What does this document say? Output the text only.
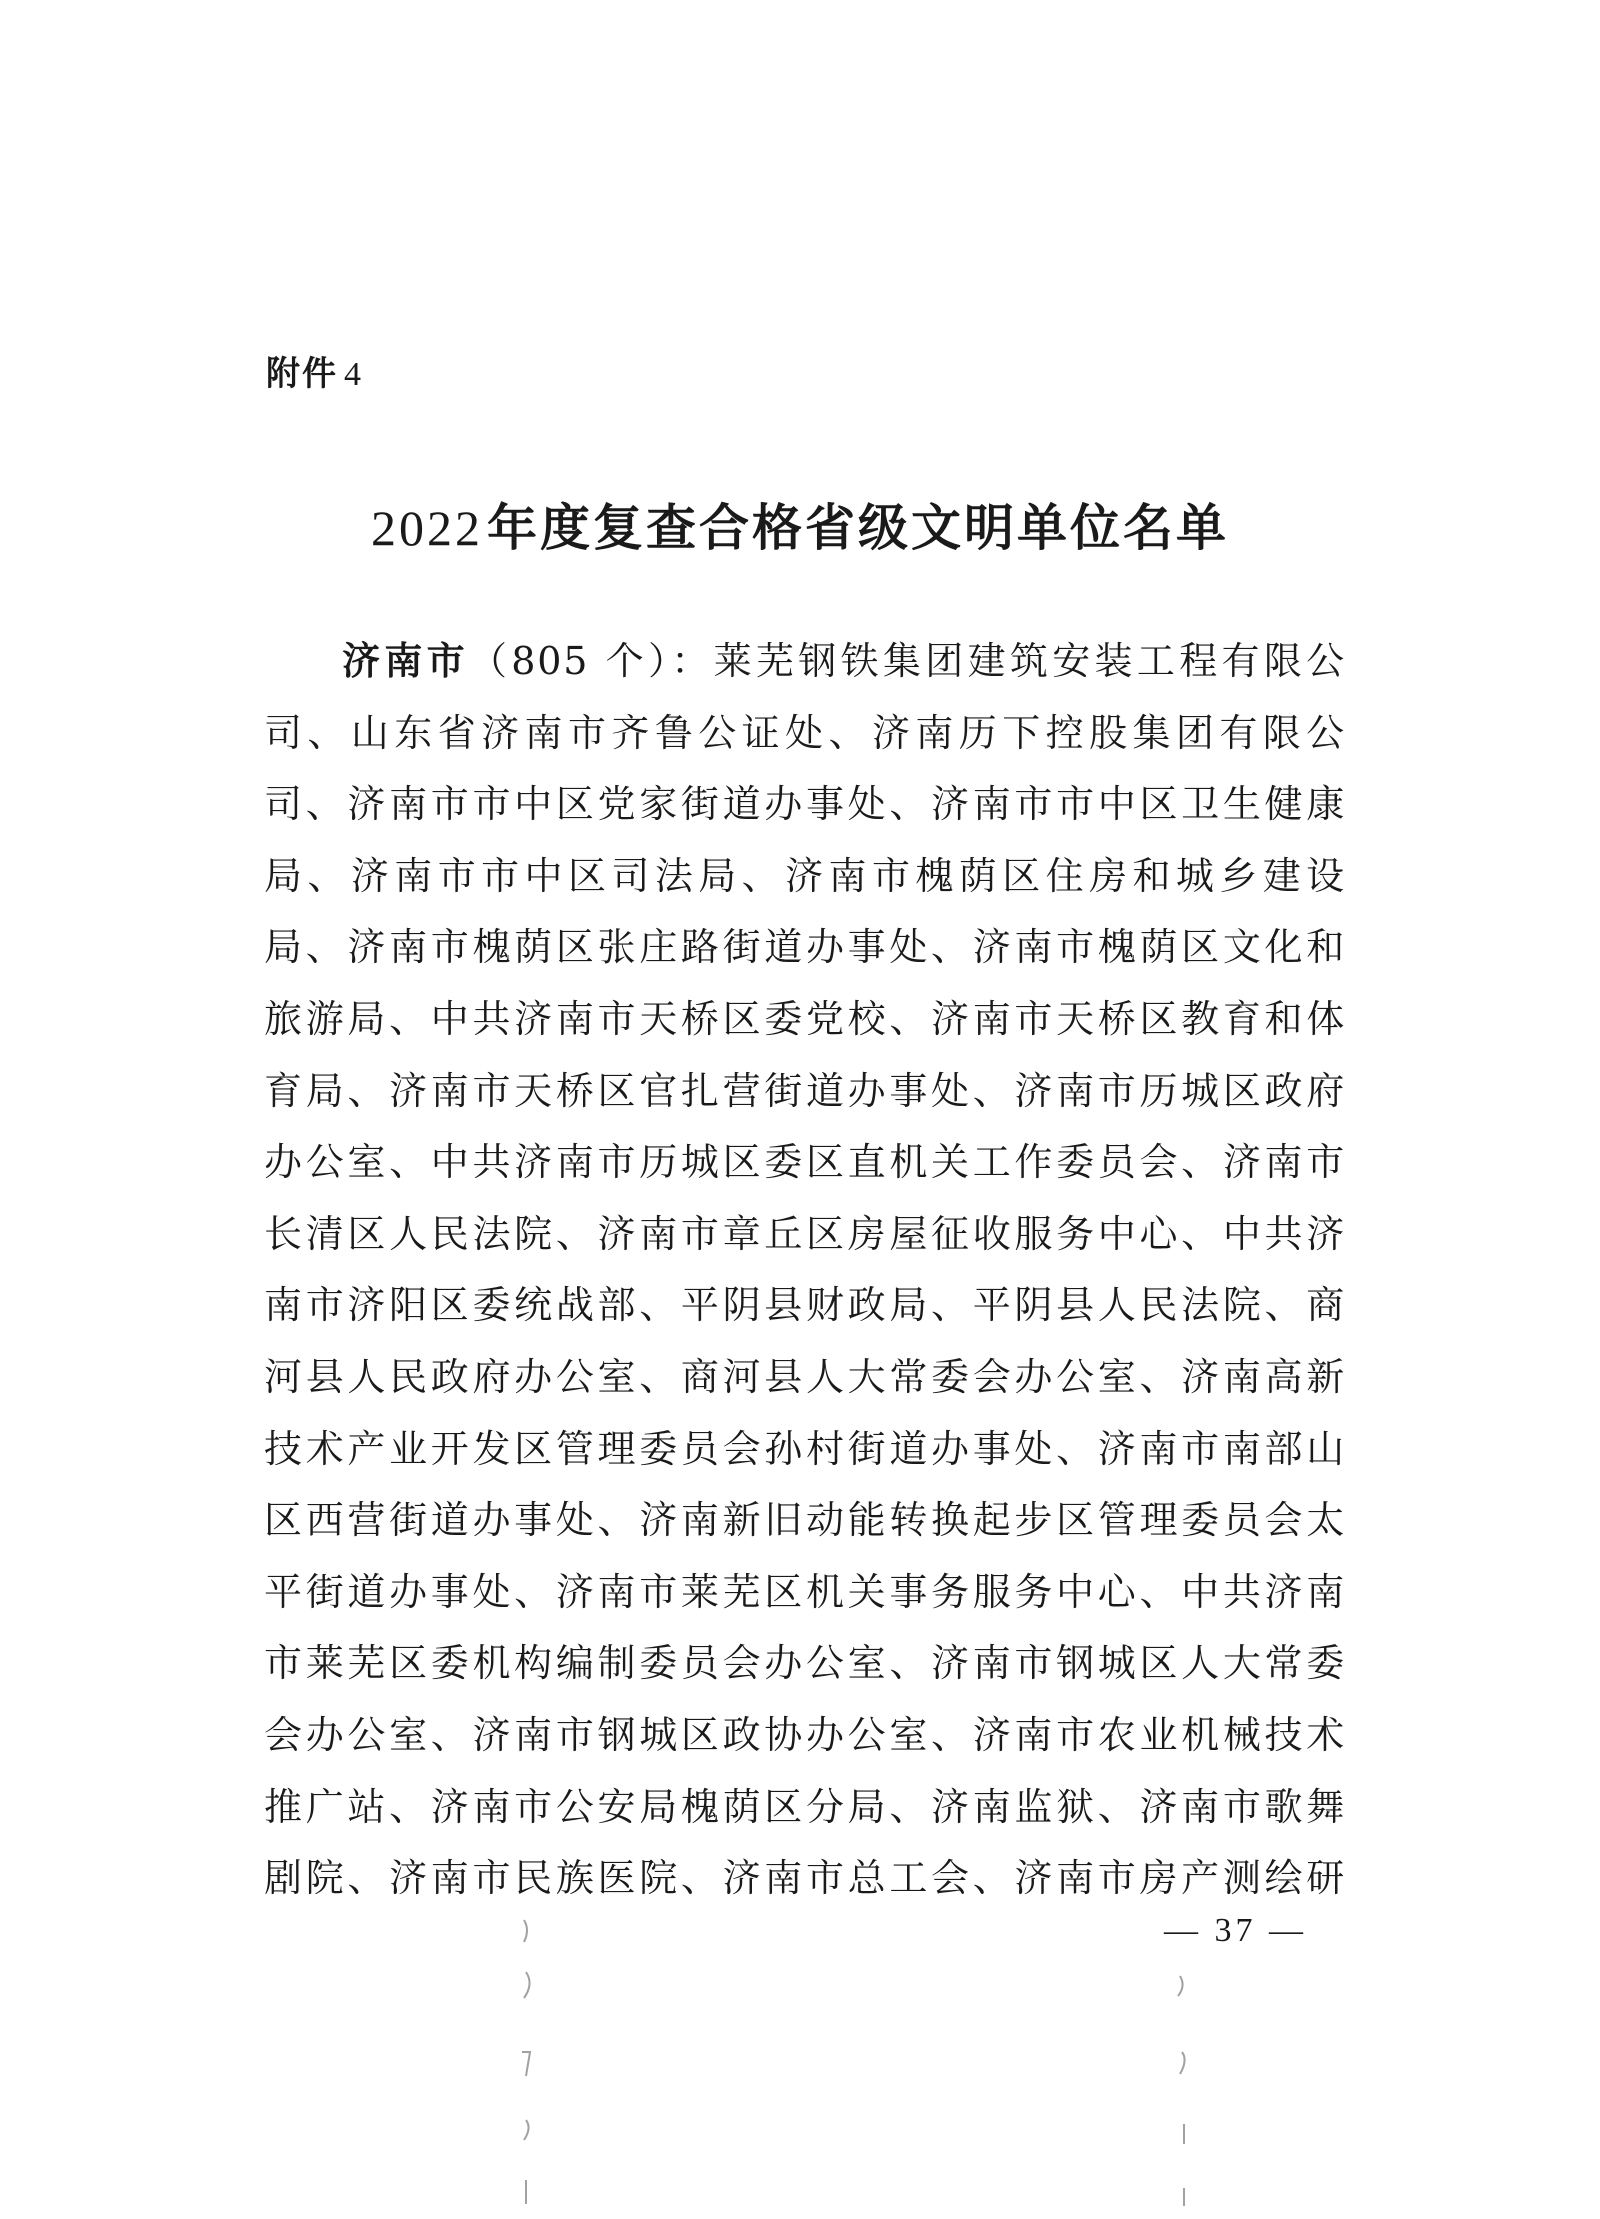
附件 4
2022年度复查合格省级文明单位名单
济南市（805 个）：莱芜钢铁集团建筑安装工程有限公
司、山东省济南市齐鲁公证处、济南历下控股集团有限公
司、济南市市中区党家街道办事处、济南市市中区卫生健康
局、济南市市中区司法局、济南市槐荫区住房和城乡建设
局、济南市槐荫区张庄路街道办事处、济南市槐荫区文化和
旅游局、中共济南市天桥区委党校、济南市天桥区教育和体
育局、济南市天桥区官扎营街道办事处、济南市历城区政府
办公室、中共济南市历城区委区直机关工作委员会、济南市
长清区人民法院、济南市章丘区房屋征收服务中心、中共济
南市济阳区委统战部、平阴县财政局、平阴县人民法院、商
河县人民政府办公室、商河县人大常委会办公室、济南高新
技术产业开发区管理委员会孙村街道办事处、济南市南部山
区西营街道办事处、济南新旧动能转换起步区管理委员会太
平街道办事处、济南市莱芜区机关事务服务中心、中共济南
市莱芜区委机构编制委员会办公室、济南市钢城区人大常委
会办公室、济南市钢城区政协办公室、济南市农业机械技术
推广站、济南市公安局槐荫区分局、济南监狱、济南市歌舞
剧院、济南市民族医院、济南市总工会、济南市房产测绘研
— 37 —
